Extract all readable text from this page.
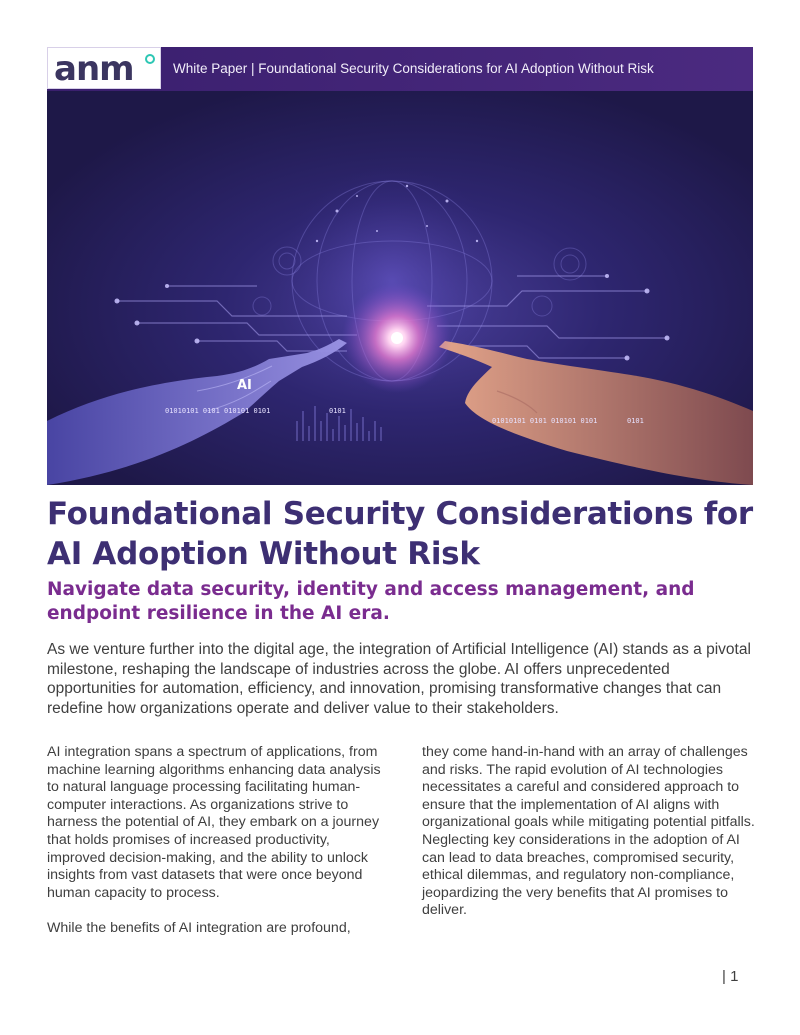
AI
01010101 0101 010101 0101	0101
01010101 0101 010101 0101	0101
anm	White Paper | Foundational Security Considerations for AI Adoption Without Risk
Foundational Security Considerations for AI Adoption Without Risk

Navigate data security, identity and access management, and endpoint resilience in the AI era.

As we venture further into the digital age, the integration of Artificial Intelligence (AI) stands as a pivotal milestone, reshaping the landscape of industries across the globe. AI offers unprecedented opportunities for automation, efficiency, and innovation, promising transformative changes that can redefine how organizations operate and deliver value to their stakeholders.

AI integration spans a spectrum of applications, from machine learning algorithms enhancing data analysis to natural language processing facilitating human-computer interactions. As organizations strive to harness the potential of AI, they embark on a journey that holds promises of increased productivity, improved decision-making, and the ability to unlock insights from vast datasets that were once beyond human capacity to process.

While the benefits of AI integration are profound,

they come hand-in-hand with an array of challenges and risks. The rapid evolution of AI technologies necessitates a careful and considered approach to ensure that the implementation of AI aligns with organizational goals while mitigating potential pitfalls. Neglecting key considerations in the adoption of AI can lead to data breaches, compromised security, ethical dilemmas, and regulatory non-compliance, jeopardizing the very benefits that AI promises to deliver.

| 1
